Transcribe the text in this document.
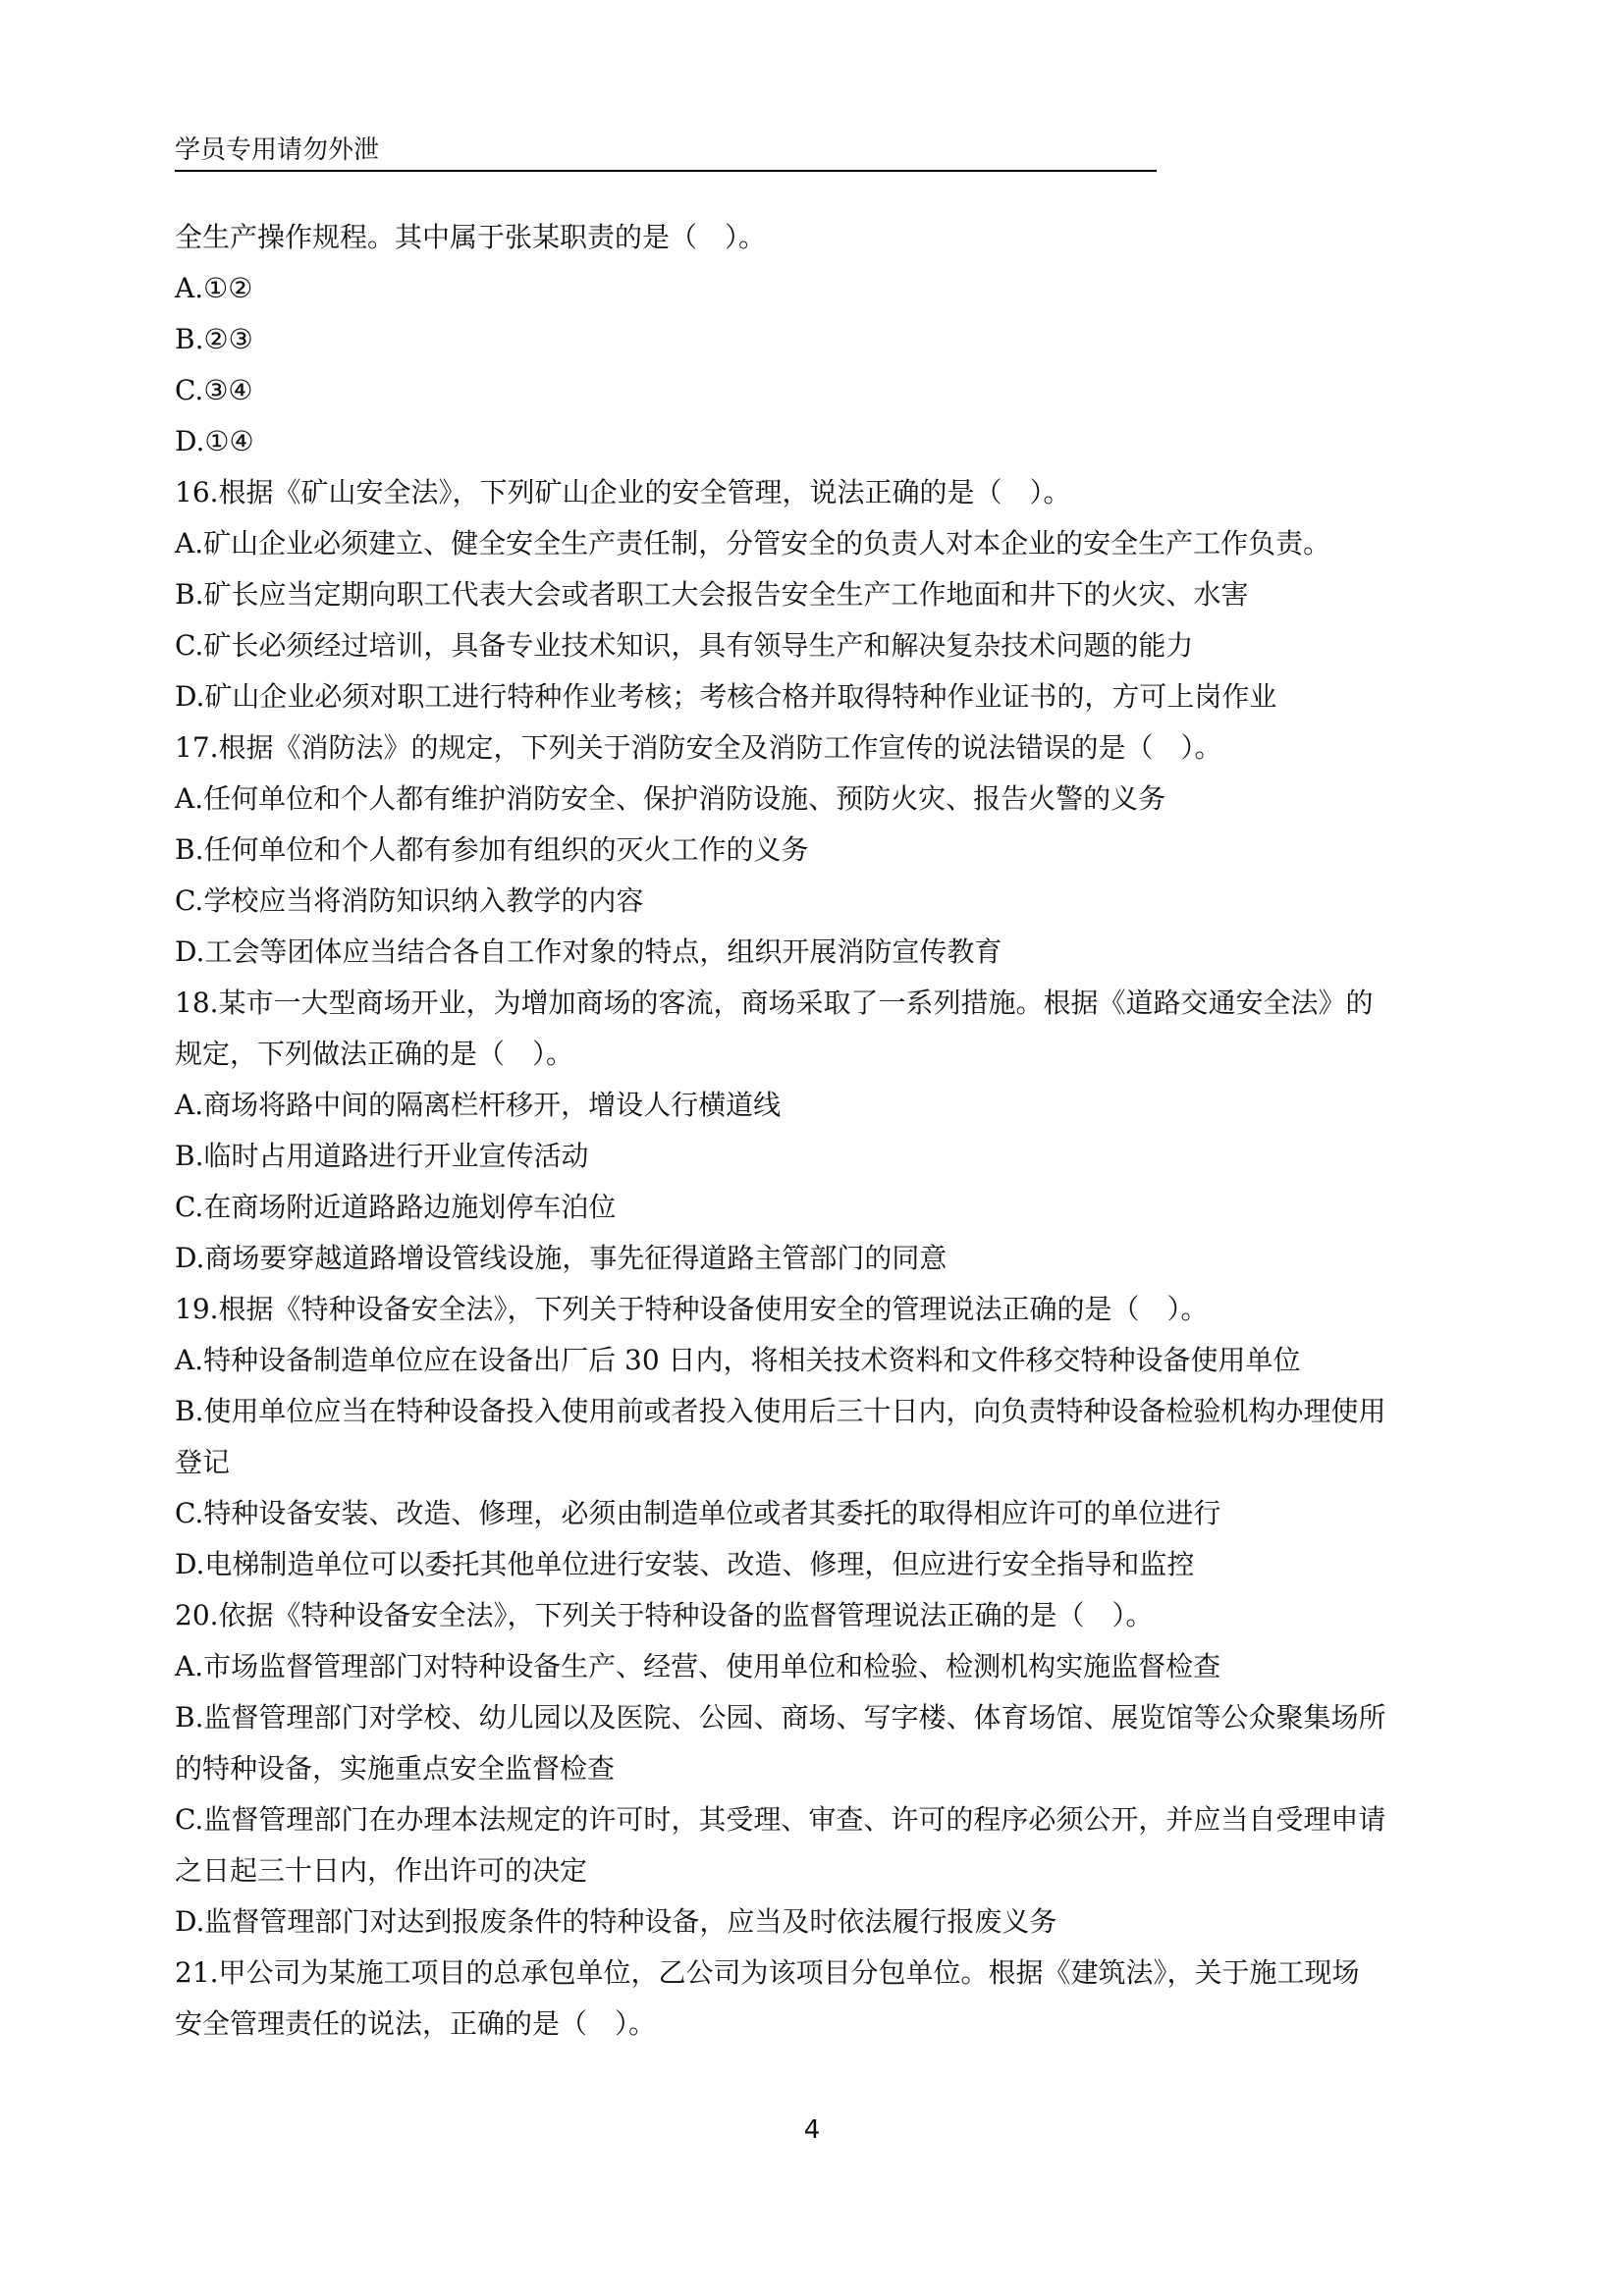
学员专用请勿外泄
全生产操作规程。其中属于张某职责的是（　）。
A.①②
B.②③
C.③④
D.①④
16.根据《矿山安全法》，下列矿山企业的安全管理，说法正确的是（　）。
A.矿山企业必须建立、健全安全生产责任制，分管安全的负责人对本企业的安全生产工作负责。
B.矿长应当定期向职工代表大会或者职工大会报告安全生产工作地面和井下的火灾、水害
C.矿长必须经过培训，具备专业技术知识，具有领导生产和解决复杂技术问题的能力
D.矿山企业必须对职工进行特种作业考核；考核合格并取得特种作业证书的，方可上岗作业
17.根据《消防法》的规定，下列关于消防安全及消防工作宣传的说法错误的是（　）。
A.任何单位和个人都有维护消防安全、保护消防设施、预防火灾、报告火警的义务
B.任何单位和个人都有参加有组织的灭火工作的义务
C.学校应当将消防知识纳入教学的内容
D.工会等团体应当结合各自工作对象的特点，组织开展消防宣传教育
18.某市一大型商场开业，为增加商场的客流，商场采取了一系列措施。根据《道路交通安全法》的
规定，下列做法正确的是（　）。
A.商场将路中间的隔离栏杆移开，增设人行横道线
B.临时占用道路进行开业宣传活动
C.在商场附近道路路边施划停车泊位
D.商场要穿越道路增设管线设施，事先征得道路主管部门的同意
19.根据《特种设备安全法》，下列关于特种设备使用安全的管理说法正确的是（　）。
A.特种设备制造单位应在设备出厂后 30 日内，将相关技术资料和文件移交特种设备使用单位
B.使用单位应当在特种设备投入使用前或者投入使用后三十日内，向负责特种设备检验机构办理使用
登记
C.特种设备安装、改造、修理，必须由制造单位或者其委托的取得相应许可的单位进行
D.电梯制造单位可以委托其他单位进行安装、改造、修理，但应进行安全指导和监控
20.依据《特种设备安全法》，下列关于特种设备的监督管理说法正确的是（　）。
A.市场监督管理部门对特种设备生产、经营、使用单位和检验、检测机构实施监督检查
B.监督管理部门对学校、幼儿园以及医院、公园、商场、写字楼、体育场馆、展览馆等公众聚集场所
的特种设备，实施重点安全监督检查
C.监督管理部门在办理本法规定的许可时，其受理、审查、许可的程序必须公开，并应当自受理申请
之日起三十日内，作出许可的决定
D.监督管理部门对达到报废条件的特种设备，应当及时依法履行报废义务
21.甲公司为某施工项目的总承包单位，乙公司为该项目分包单位。根据《建筑法》，关于施工现场
安全管理责任的说法，正确的是（　）。
4
